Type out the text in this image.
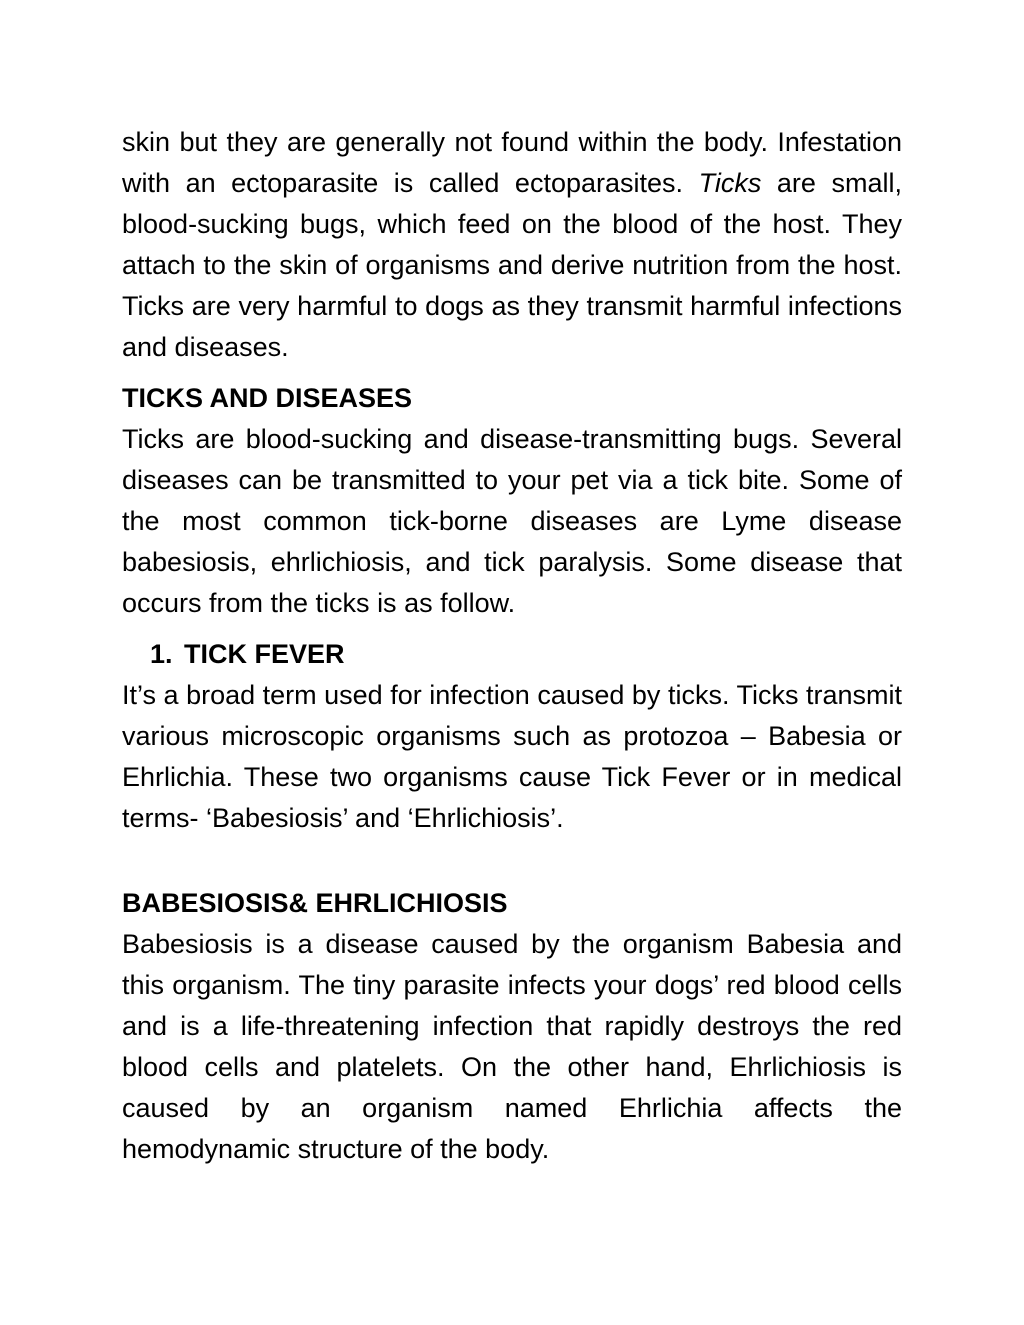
skin but they are generally not found within the body. Infestation with an ectoparasite is called ectoparasites. Ticks are small, blood-sucking bugs, which feed on the blood of the host. They attach to the skin of organisms and derive nutrition from the host. Ticks are very harmful to dogs as they transmit harmful infections and diseases.

TICKS AND DISEASES

Ticks are blood-sucking and disease-transmitting bugs. Several diseases can be transmitted to your pet via a tick bite. Some of the most common tick-borne diseases are Lyme disease babesiosis, ehrlichiosis, and tick paralysis. Some disease that occurs from the ticks is as follow.

1. TICK FEVER

It’s a broad term used for infection caused by ticks. Ticks transmit various microscopic organisms such as protozoa – Babesia or Ehrlichia. These two organisms cause Tick Fever or in medical terms- ‘Babesiosis’ and ‘Ehrlichiosis’.

BABESIOSIS& EHRLICHIOSIS

Babesiosis is a disease caused by the organism Babesia and this organism. The tiny parasite infects your dogs’ red blood cells and is a life-threatening infection that rapidly destroys the red blood cells and platelets. On the other hand, Ehrlichiosis is caused by an organism named Ehrlichia affects the hemodynamic structure of the body.
